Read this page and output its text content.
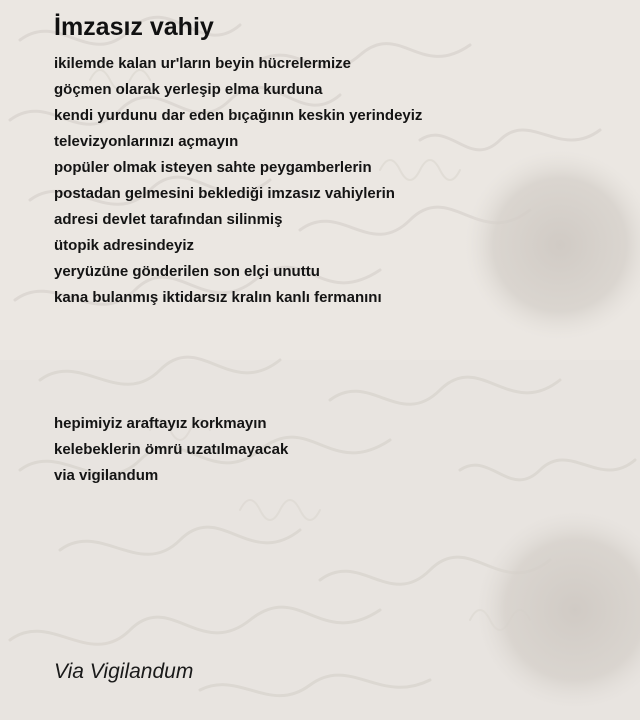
İmzasız vahiy
ikilemde kalan ur'ların beyin hücrelermize
göçmen olarak yerleşip elma kurduna
kendi yurdunu dar eden bıçağının keskin yerindeyiz
televizyonlarınızı açmayın
popüler olmak isteyen sahte peygamberlerin
postadan gelmesini beklediği imzasız vahiylerin
adresi devlet tarafından silinmiş
ütopik adresindeyiz
yeryüzüne gönderilen son elçi unuttu
kana bulanmış iktidarsız kralın kanlı fermanını
hepimiyiz araftayız korkmayın
kelebeklerin ömrü uzatılmayacak
via vigilandum
Via Vigilandum
